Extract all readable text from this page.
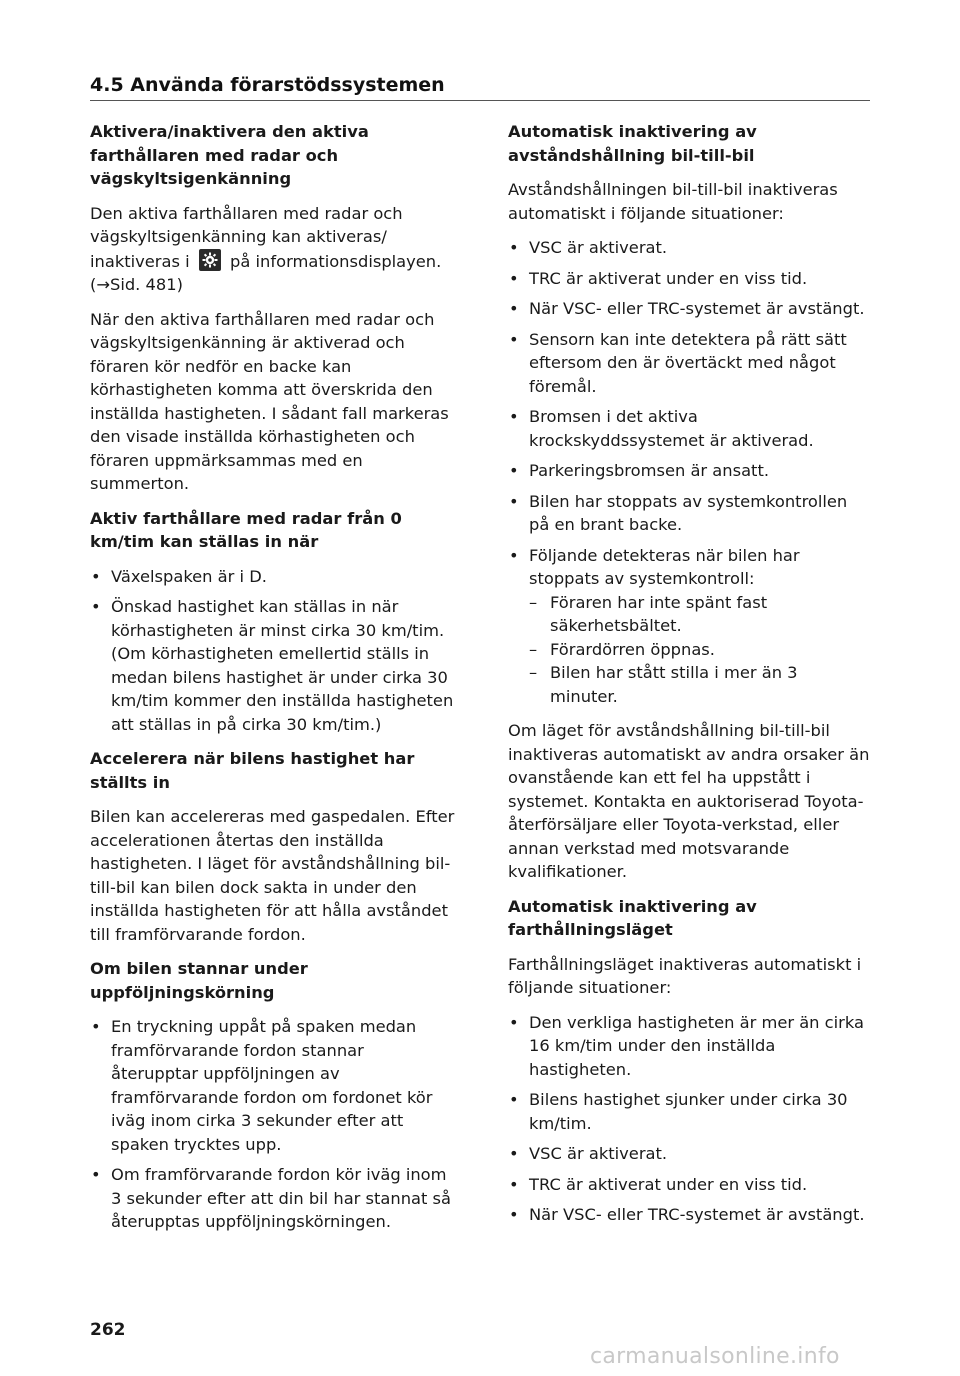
4.5 Använda förarstödssystemen
Aktivera/inaktivera den aktiva farthållaren med radar och vägskyltsigenkänning
Den aktiva farthållaren med radar och vägskyltsigenkänning kan aktiveras/ inaktiveras i på informationsdisplayen. (→Sid. 481)
När den aktiva farthållaren med radar och vägskyltsigenkänning är aktiverad och föraren kör nedför en backe kan körhastigheten komma att överskrida den inställda hastigheten. I sådant fall markeras den visade inställda körhastigheten och föraren uppmärksammas med en summerton.
Aktiv farthållare med radar från 0 km/tim kan ställas in när
• Växelspaken är i D.
• Önskad hastighet kan ställas in när körhastigheten är minst cirka 30 km/tim. (Om körhastigheten emellertid ställs in medan bilens hastighet är under cirka 30 km/tim kommer den inställda hastigheten att ställas in på cirka 30 km/tim.)
Accelerera när bilens hastighet har ställts in
Bilen kan accelereras med gaspedalen. Efter accelerationen återtas den inställda hastigheten. I läget för avståndshållning bil-till-bil kan bilen dock sakta in under den inställda hastigheten för att hålla avståndet till framförvarande fordon.
Om bilen stannar under uppföljningskörning
• En tryckning uppåt på spaken medan framförvarande fordon stannar återupptar uppföljningen av framförvarande fordon om fordonet kör iväg inom cirka 3 sekunder efter att spaken trycktes upp.
• Om framförvarande fordon kör iväg inom 3 sekunder efter att din bil har stannat så återupptas uppföljningskörningen.
Automatisk inaktivering av avståndshållning bil-till-bil
Avståndshållningen bil-till-bil inaktiveras automatiskt i följande situationer:
• VSC är aktiverat.
• TRC är aktiverat under en viss tid.
• När VSC- eller TRC-systemet är avstängt.
• Sensorn kan inte detektera på rätt sätt eftersom den är övertäckt med något föremål.
• Bromsen i det aktiva krockskyddssystemet är aktiverad.
• Parkeringsbromsen är ansatt.
• Bilen har stoppats av systemkontrollen på en brant backe.
• Följande detekteras när bilen har stoppats av systemkontroll:
– Föraren har inte spänt fast säkerhetsbältet.
– Förardörren öppnas.
– Bilen har stått stilla i mer än 3 minuter.
Om läget för avståndshållning bil-till-bil inaktiveras automatiskt av andra orsaker än ovanstående kan ett fel ha uppstått i systemet. Kontakta en auktoriserad Toyota-återförsäljare eller Toyota-verkstad, eller annan verkstad med motsvarande kvalifikationer.
Automatisk inaktivering av farthållningsläget
Farthållningsläget inaktiveras automatiskt i följande situationer:
• Den verkliga hastigheten är mer än cirka 16 km/tim under den inställda hastigheten.
• Bilens hastighet sjunker under cirka 30 km/tim.
• VSC är aktiverat.
• TRC är aktiverat under en viss tid.
• När VSC- eller TRC-systemet är avstängt.
262
carmanualsonline.info
